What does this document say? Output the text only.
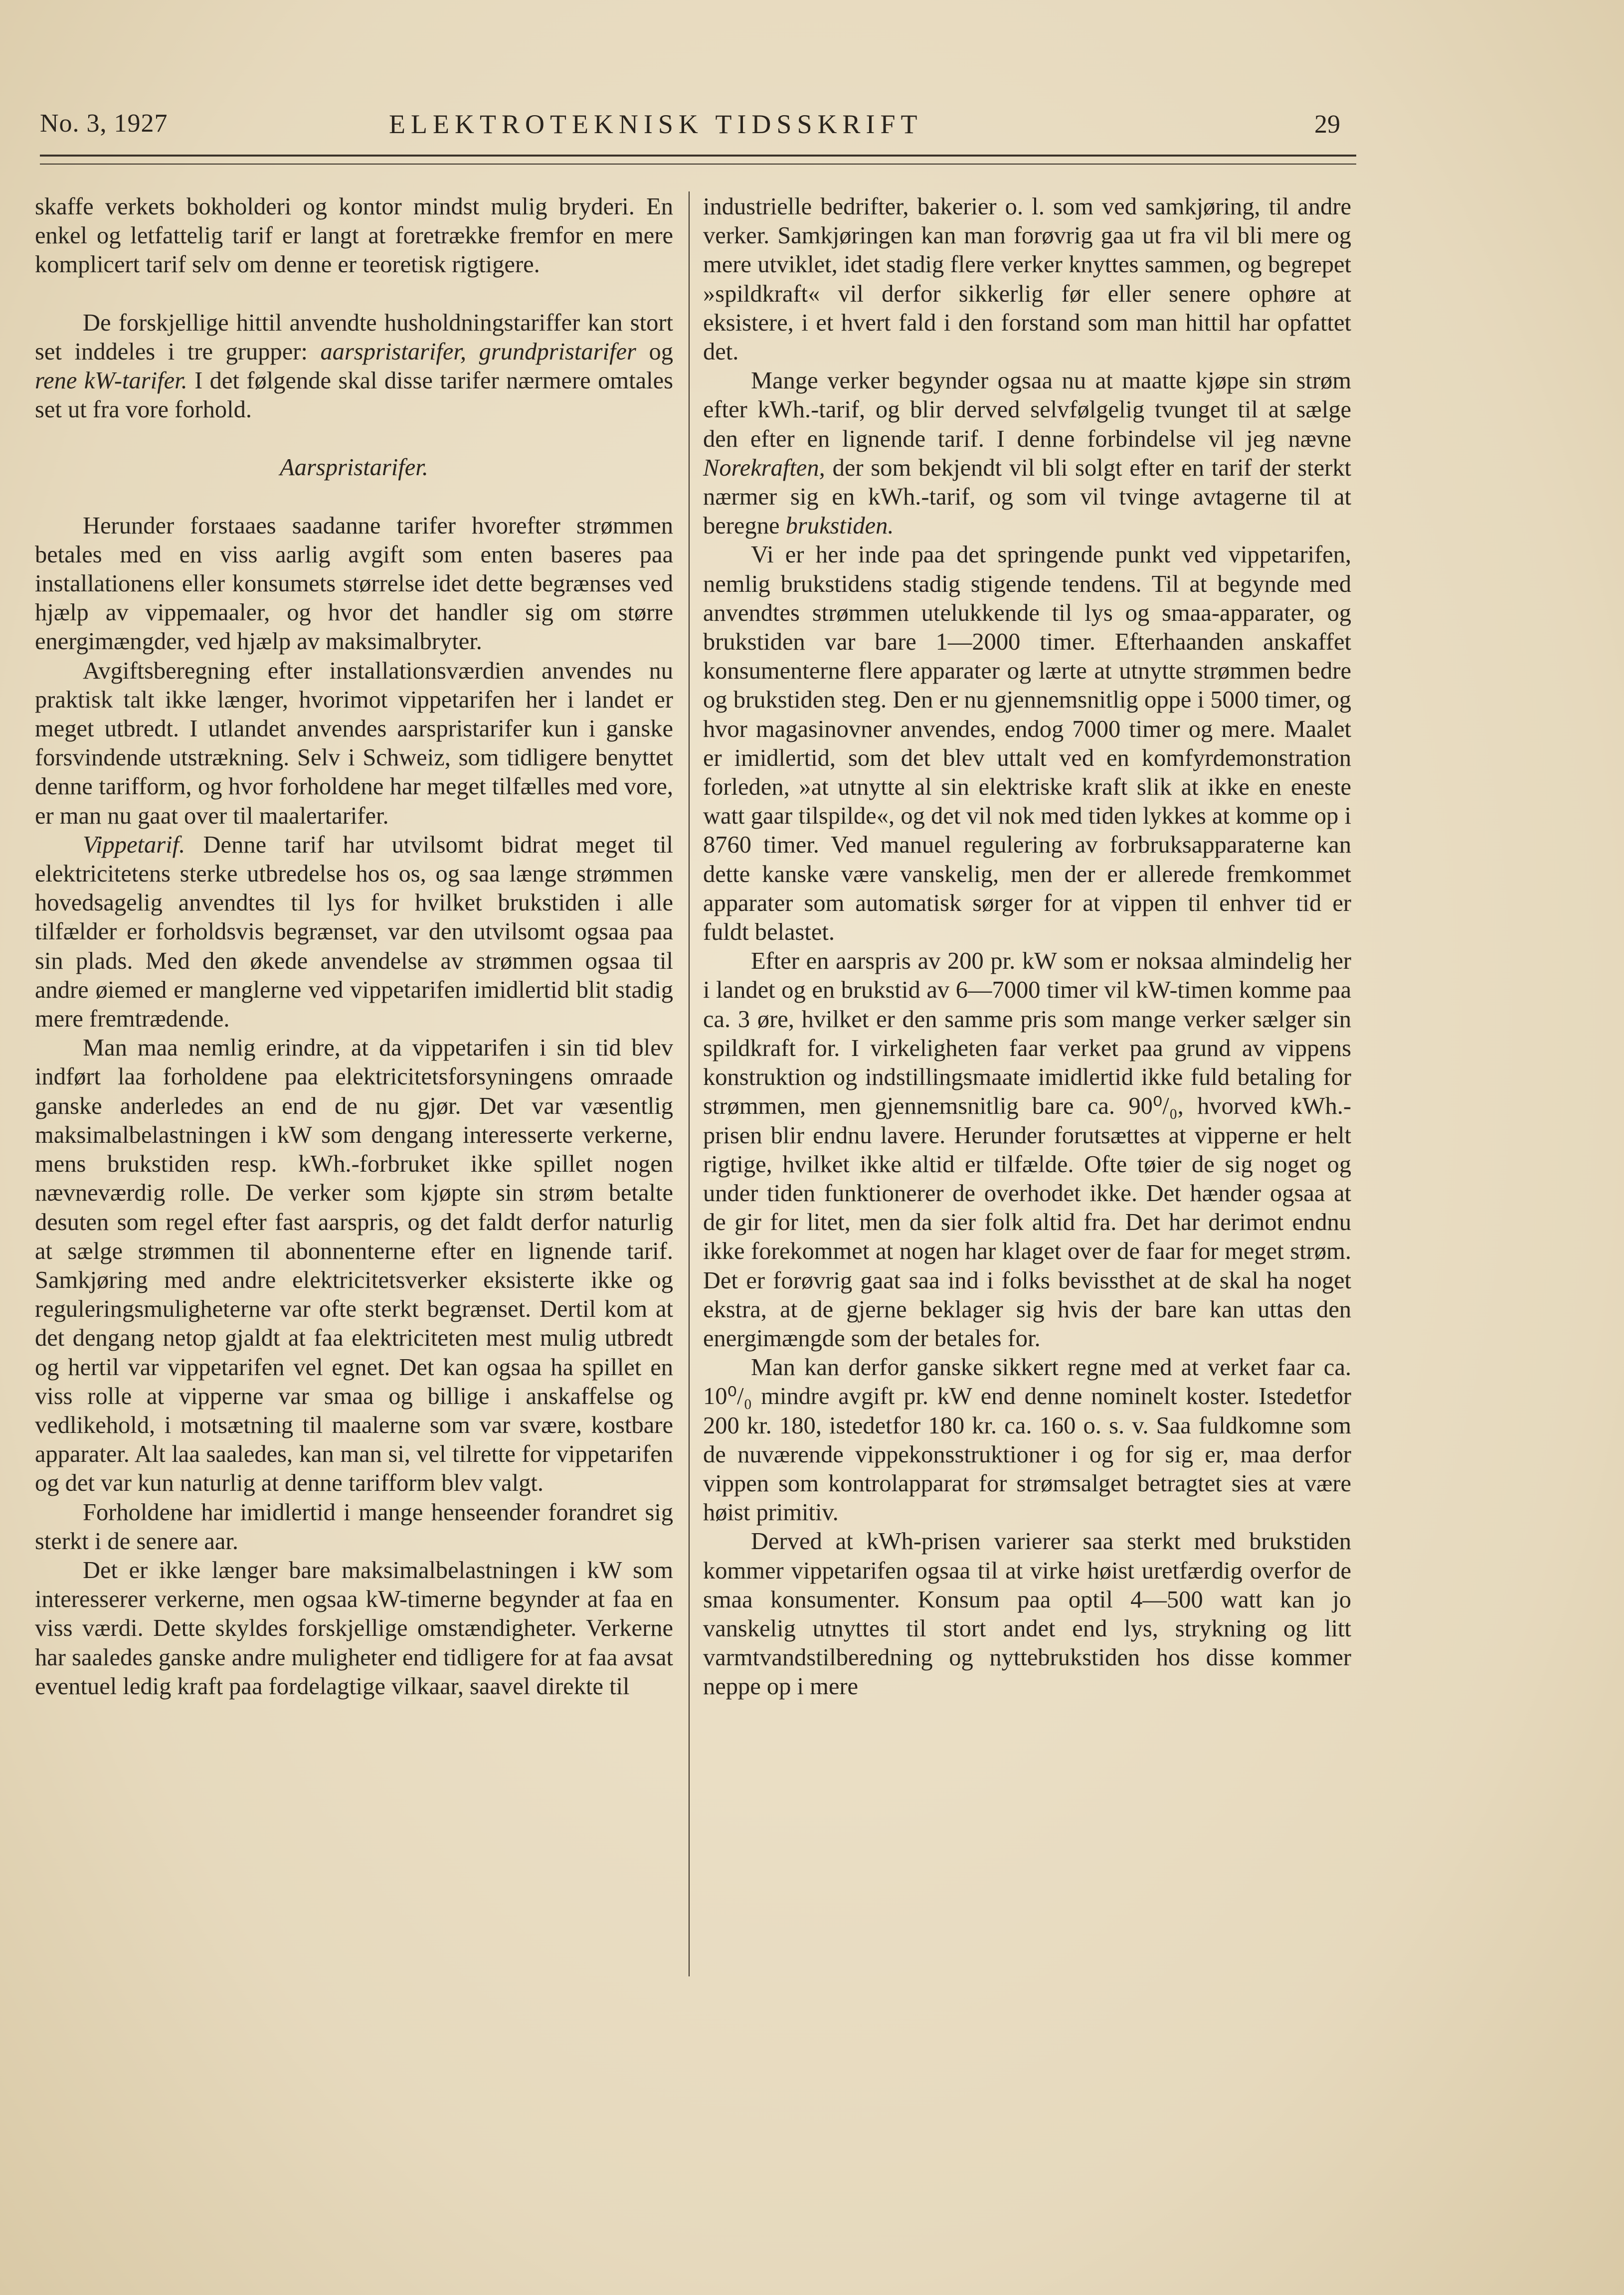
No. 3, 1927	ELEKTROTEKNISK TIDSSKRIFT	29

skaffe verkets bokholderi og kontor mindst mulig bryderi. En enkel og letfattelig tarif er langt at foretrække fremfor en mere komplicert tarif selv om denne er teoretisk rigtigere.

De forskjellige hittil anvendte husholdningstariffer kan stort set inddeles i tre grupper: aarspristarifer, grundpristarifer og rene kW-tarifer. I det følgende skal disse tarifer nærmere omtales set ut fra vore forhold.

Aarspristarifer.

Herunder forstaaes saadanne tarifer hvorefter strømmen betales med en viss aarlig avgift som enten baseres paa installationens eller konsumets størrelse idet dette begrænses ved hjælp av vippemaaler, og hvor det handler sig om større energimængder, ved hjælp av maksimalbryter.

Avgiftsberegning efter installationsværdien anvendes nu praktisk talt ikke længer, hvorimot vippetarifen her i landet er meget utbredt. I utlandet anvendes aarspristarifer kun i ganske forsvindende utstrækning. Selv i Schweiz, som tidligere benyttet denne tarifform, og hvor forholdene har meget tilfælles med vore, er man nu gaat over til maalertarifer.

Vippetarif. Denne tarif har utvilsomt bidrat meget til elektricitetens sterke utbredelse hos os, og saa længe strømmen hovedsagelig anvendtes til lys for hvilket brukstiden i alle tilfælder er forholdsvis begrænset, var den utvilsomt ogsaa paa sin plads. Med den økede anvendelse av strømmen ogsaa til andre øiemed er manglerne ved vippetarifen imidlertid blit stadig mere fremtrædende.

Man maa nemlig erindre, at da vippetarifen i sin tid blev indført laa forholdene paa elektricitetsforsyningens omraade ganske anderledes an end de nu gjør. Det var væsentlig maksimalbelastningen i kW som dengang interesserte verkerne, mens brukstiden resp. kWh.-forbruket ikke spillet nogen nævneværdig rolle. De verker som kjøpte sin strøm betalte desuten som regel efter fast aarspris, og det faldt derfor naturlig at sælge strømmen til abonnenterne efter en lignende tarif. Samkjøring med andre elektricitetsverker eksisterte ikke og reguleringsmuligheterne var ofte sterkt begrænset. Dertil kom at det dengang netop gjaldt at faa elektriciteten mest mulig utbredt og hertil var vippetarifen vel egnet. Det kan ogsaa ha spillet en viss rolle at vipperne var smaa og billige i anskaffelse og vedlikehold, i motsætning til maalerne som var svære, kostbare apparater. Alt laa saaledes, kan man si, vel tilrette for vippetarifen og det var kun naturlig at denne tarifform blev valgt.

Forholdene har imidlertid i mange henseender forandret sig sterkt i de senere aar.

Det er ikke længer bare maksimalbelastningen i kW som interesserer verkerne, men ogsaa kW-timerne begynder at faa en viss værdi. Dette skyldes forskjellige omstændigheter. Verkerne har saaledes ganske andre muligheter end tidligere for at faa avsat eventuel ledig kraft paa fordelagtige vilkaar, saavel direkte til

industrielle bedrifter, bakerier o. l. som ved samkjøring, til andre verker. Samkjøringen kan man forøvrig gaa ut fra vil bli mere og mere utviklet, idet stadig flere verker knyttes sammen, og begrepet »spildkraft« vil derfor sikkerlig før eller senere ophøre at eksistere, i et hvert fald i den forstand som man hittil har opfattet det.

Mange verker begynder ogsaa nu at maatte kjøpe sin strøm efter kWh.-tarif, og blir derved selvfølgelig tvunget til at sælge den efter en lignende tarif. I denne forbindelse vil jeg nævne Norekraften, der som bekjendt vil bli solgt efter en tarif der sterkt nærmer sig en kWh.-tarif, og som vil tvinge avtagerne til at beregne brukstiden.

Vi er her inde paa det springende punkt ved vippetarifen, nemlig brukstidens stadig stigende tendens. Til at begynde med anvendtes strømmen utelukkende til lys og smaa-apparater, og brukstiden var bare 1—2000 timer. Efterhaanden anskaffet konsumenterne flere apparater og lærte at utnytte strømmen bedre og brukstiden steg. Den er nu gjennemsnitlig oppe i 5000 timer, og hvor magasinovner anvendes, endog 7000 timer og mere. Maalet er imidlertid, som det blev uttalt ved en komfyrdemonstration forleden, »at utnytte al sin elektriske kraft slik at ikke en eneste watt gaar tilspilde«, og det vil nok med tiden lykkes at komme op i 8760 timer. Ved manuel regulering av forbruksapparaterne kan dette kanske være vanskelig, men der er allerede fremkommet apparater som automatisk sørger for at vippen til enhver tid er fuldt belastet.

Efter en aarspris av 200 pr. kW som er noksaa almindelig her i landet og en brukstid av 6—7000 timer vil kW-timen komme paa ca. 3 øre, hvilket er den samme pris som mange verker sælger sin spildkraft for. I virkeligheten faar verket paa grund av vippens konstruktion og indstillingsmaate imidlertid ikke fuld betaling for strømmen, men gjennemsnitlig bare ca. 90⁰/₀, hvorved kWh.-prisen blir endnu lavere. Herunder forutsættes at vipperne er helt rigtige, hvilket ikke altid er tilfælde. Ofte tøier de sig noget og under tiden funktionerer de overhodet ikke. Det hænder ogsaa at de gir for litet, men da sier folk altid fra. Det har derimot endnu ikke forekommet at nogen har klaget over de faar for meget strøm. Det er forøvrig gaat saa ind i folks bevissthet at de skal ha noget ekstra, at de gjerne beklager sig hvis der bare kan uttas den energimængde som der betales for.

Man kan derfor ganske sikkert regne med at verket faar ca. 10⁰/₀ mindre avgift pr. kW end denne nominelt koster. Istedetfor 200 kr. 180, istedetfor 180 kr. ca. 160 o. s. v. Saa fuldkomne som de nuværende vippekonsstruktioner i og for sig er, maa derfor vippen som kontrolapparat for strømsalget betragtet sies at være høist primitiv.

Derved at kWh-prisen varierer saa sterkt med brukstiden kommer vippetarifen ogsaa til at virke høist uretfærdig overfor de smaa konsumenter. Konsum paa optil 4—500 watt kan jo vanskelig utnyttes til stort andet end lys, strykning og litt varmtvandstilberedning og nyttebrukstiden hos disse kommer neppe op i mere
